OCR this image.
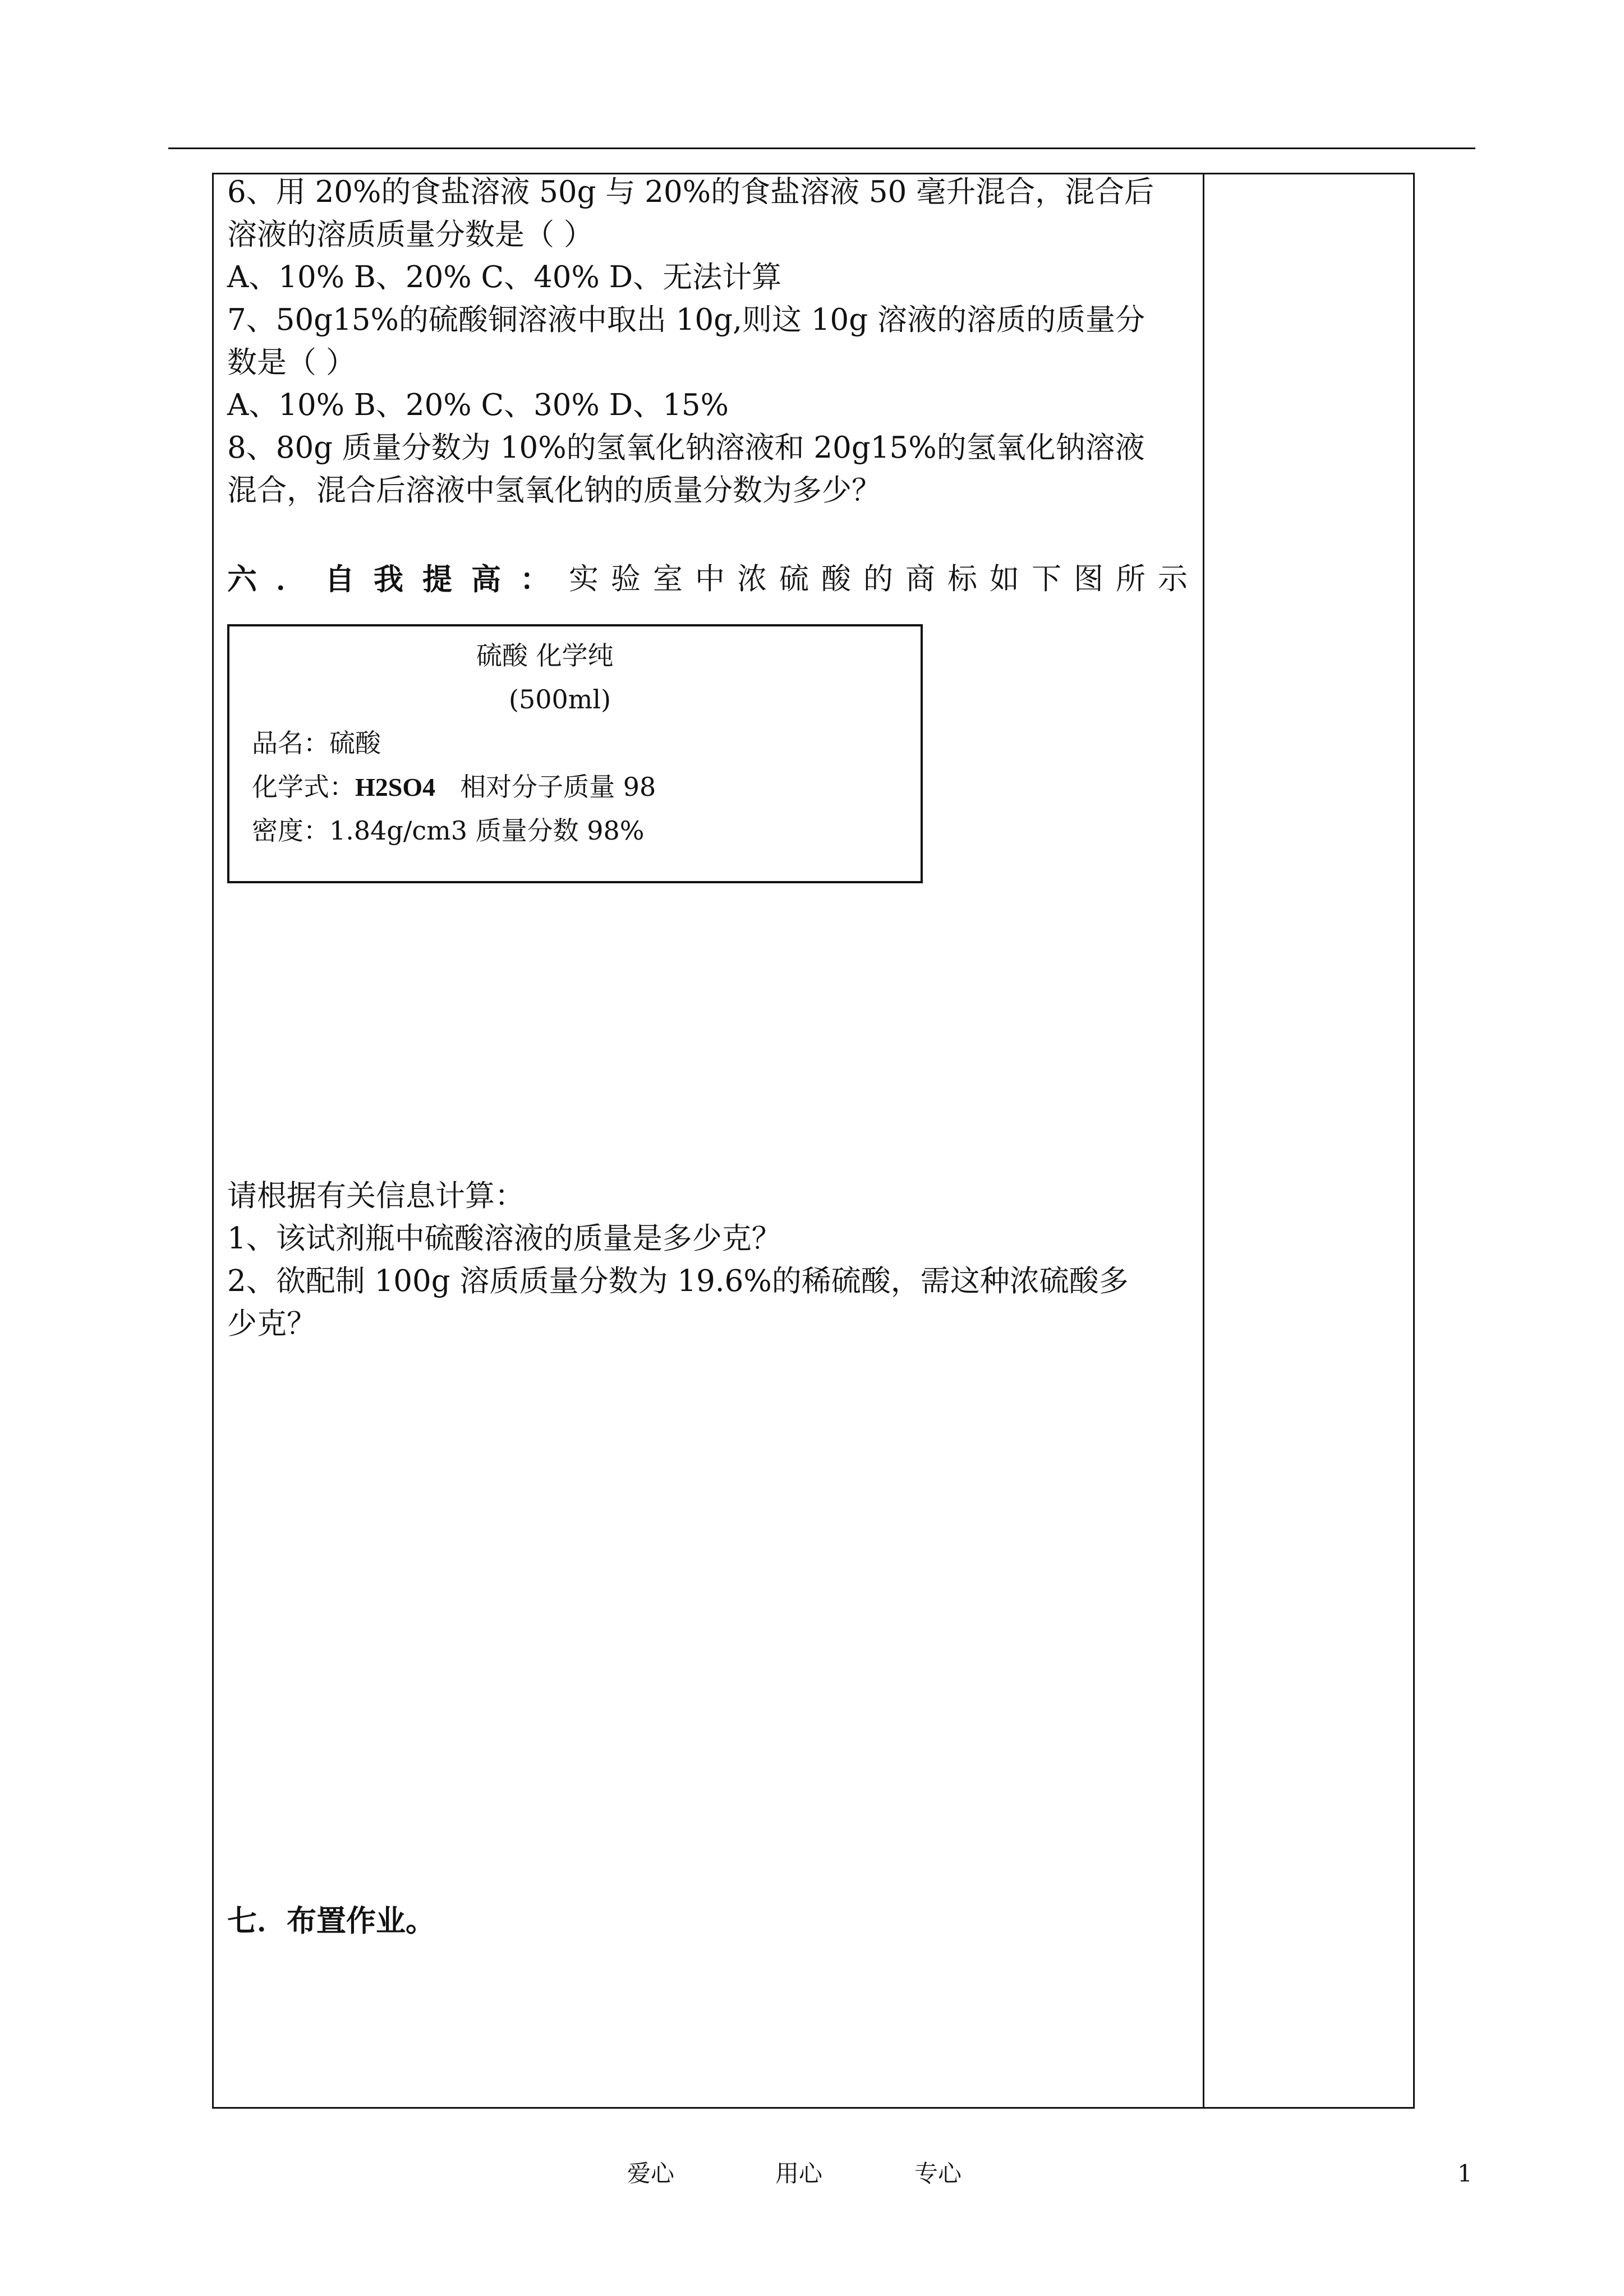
6、用 20%的食盐溶液 50g 与 20%的食盐溶液 50 毫升混合，混合后
溶液的溶质质量分数是（ ）
A、10% B、20% C、40% D、无法计算
7、50g15%的硫酸铜溶液中取出 10g,则这 10g 溶液的溶质的质量分
数是（ ）
A、10% B、20% C、30% D、15%
8、80g 质量分数为 10%的氢氧化钠溶液和 20g15%的氢氧化钠溶液
混合，混合后溶液中氢氧化钠的质量分数为多少？
六．自我提高： 实验室中浓硫酸的商标如下图所示
请根据有关信息计算：
1、该试剂瓶中硫酸溶液的质量是多少克？
2、欲配制 100g 溶质质量分数为 19.6%的稀硫酸，需这种浓硫酸多
少克？
七．布置作业。
硫酸 化学纯
(500ml)
品名：硫酸
化学式：H2SO4 相对分子质量 98
密度：1.84g/cm3 质量分数 98%
爱心	用心	专心	1
